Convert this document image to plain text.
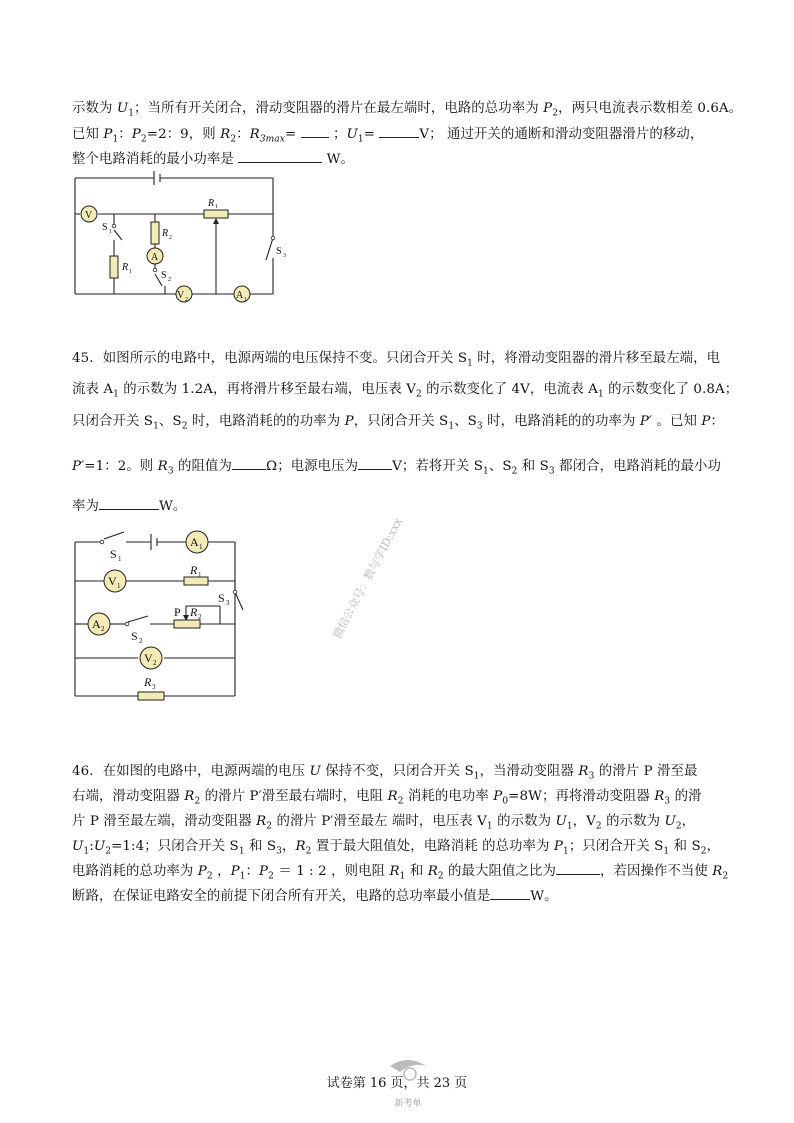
示数为 $U_1$；当所有开关闭合，滑动变阻器的滑片在最左端时，电路的总功率为 $P_2$，两只电流表示数相差 0.6A。
已知 $P_1$：$P_2=2$：9，则 $R_2$：$R_{3max}=$  ；$U_1=$	V； 通过开关的通断和滑动变阻器滑片的移动，
整个电路消耗的最小功率是	W。
V
A
V 2	A 1
R 1
R 2
R 1
S 1
S 2
S 3
45．如图所示的电路中，电源两端的电压保持不变。只闭合开关 $S_1$ 时，将滑动变阻器的滑片移至最左端，电
流表 $A_1$ 的示数为 1.2A，再将滑片移至最右端，电压表 $V_2$ 的示数变化了 4V，电流表 $A_1$ 的示数变化了 0.8A；
只闭合开关 $S_1$、$S_2$ 时，电路消耗的的功率为 P，只闭合开关 $S_1$、$S_3$ 时，电路消耗的的功率为 P′ 。已知 P：
P′=1：2。则 $R_3$ 的阻值为	Ω；电源电压为	V；若将开关 $S_1$、$S_2$ 和 $S_3$ 都闭合，电路消耗的最小功
率为	W。
A 1
V 1
A 2
V 2
S 1
S 2
S 3
R 1
P R 2
R 3
微信公众号：数与学ID:xxx
46．在如图的电路中，电源两端的电压 U 保持不变，只闭合开关 $S_1$，当滑动变阻器 $R_3$ 的滑片 P 滑至最
右端，滑动变阻器 $R_2$ 的滑片 P′滑至最右端时，电阻 $R_2$ 消耗的电功率 $P_0=8W$；再将滑动变阻器 $R_3$ 的滑
片 P 滑至最左端，滑动变阻器 $R_2$ 的滑片 P′滑至最左 端时，电压表 $V_1$ 的示数为 $U_1$，$V_2$ 的示数为 $U_2$，
$U_1:U_2=1:4$；只闭合开关 $S_1$ 和 $S_3$，$R_2$ 置于最大阻值处，电路消耗 的总功率为 $P_1$；只闭合开关 $S_1$ 和 $S_2$，
电路消耗的总功率为 $P_2$ ，$P_1$：$P_2 = 1$ : 2 ，则电阻 $R_1$ 和 $R_2$ 的最大阻值之比为	，若因操作不当使 $R_2$
断路，在保证电路安全的前提下闭合所有开关，电路的总功率最小值是	W。
试卷第 16 页，共 23 页
新考单
